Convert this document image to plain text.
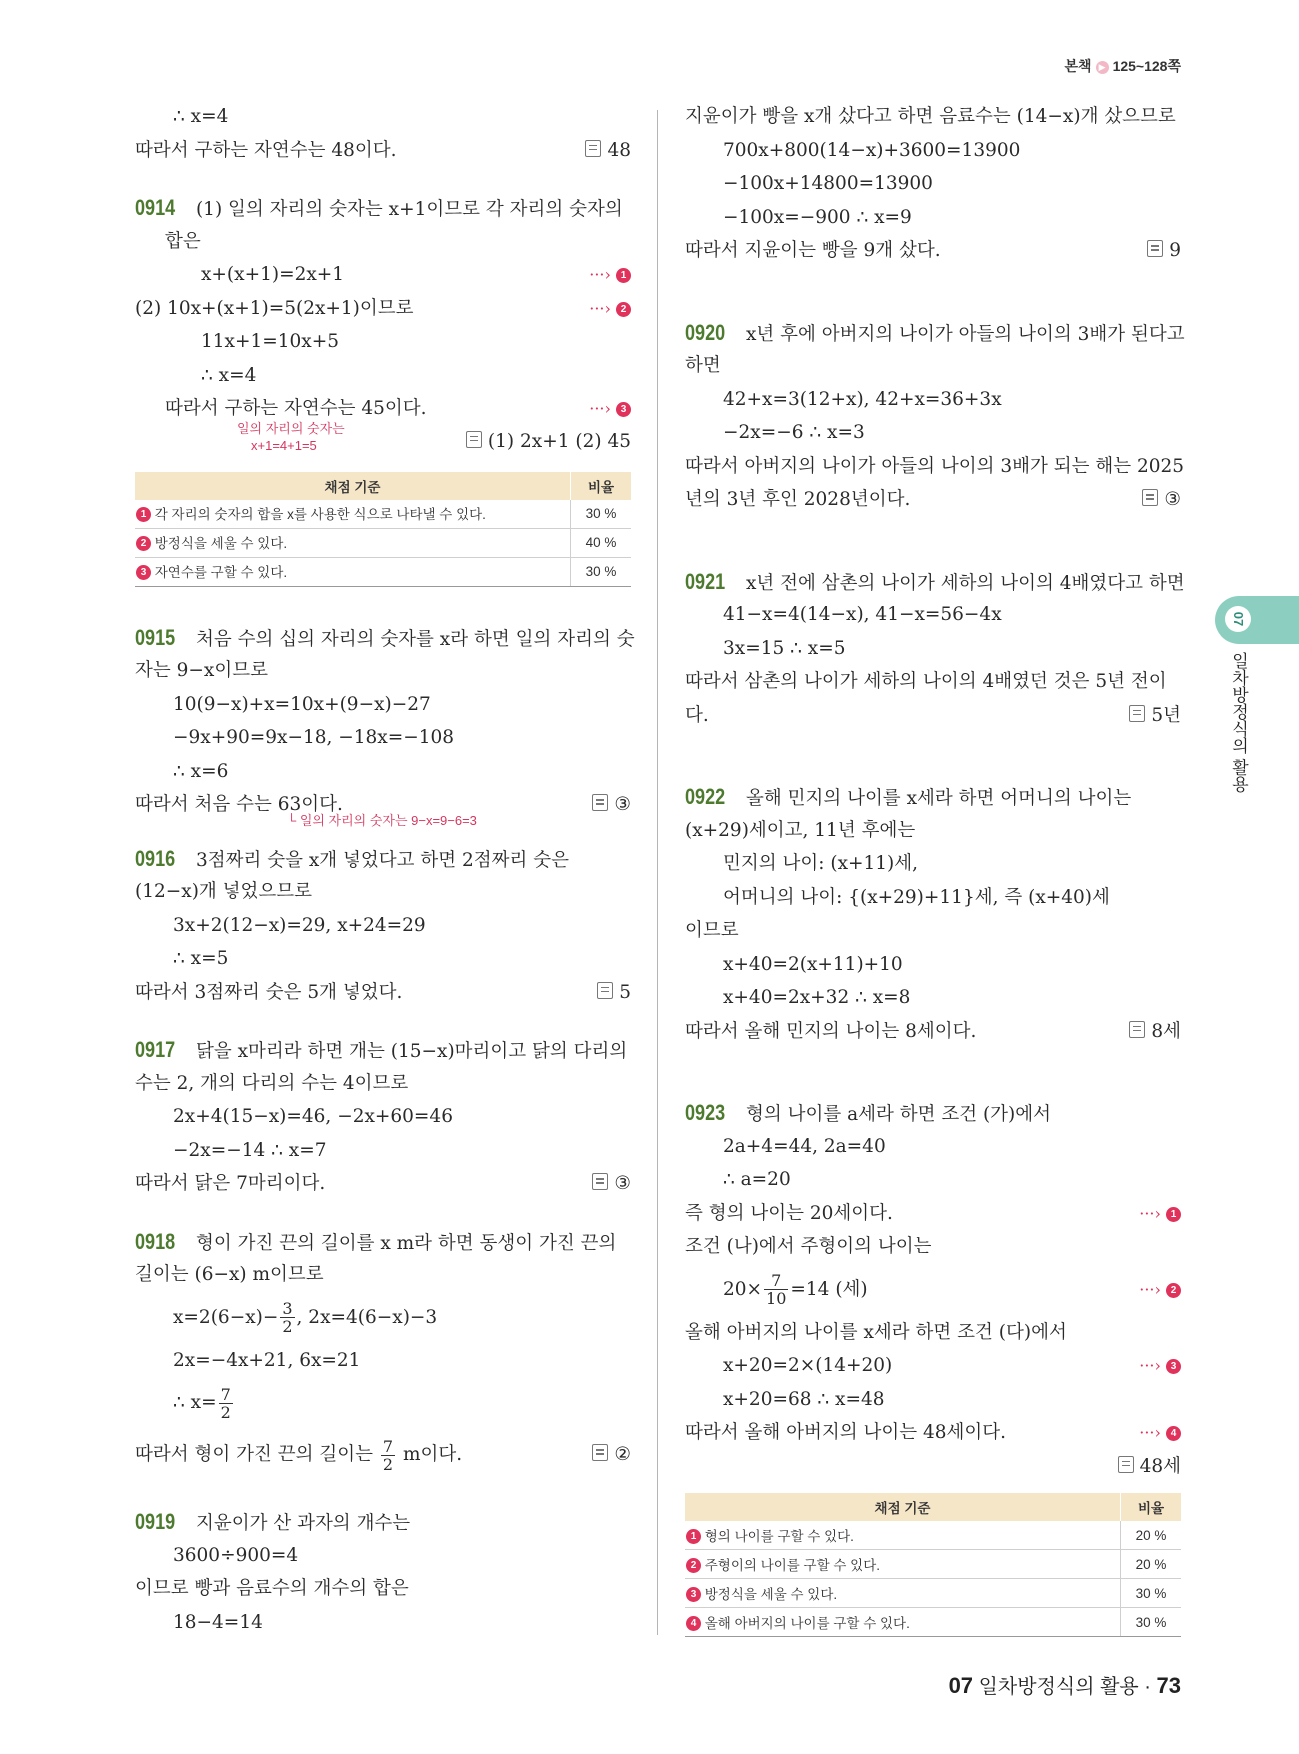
본책 ▶ 125~128쪽
∴ x=4
따라서 구하는 자연수는 48이다.	48
0914 (1) 일의 자리의 숫자는 x+1이므로 각 자리의 숫자의
합은
x+(x+1)=2x+1	···› 1
(2) 10x+(x+1)=5(2x+1)이므로	···› 2
11x+1=10x+5
∴ x=4
따라서 구하는 자연수는 45이다.	···› 3
일의 자리의 숫자는
x+1=4+1=5	(1) 2x+1 (2) 45
채점 기준	비율
1 각 자리의 숫자의 합을 x를 사용한 식으로 나타낼 수 있다.	30 %
2 방정식을 세울 수 있다.	40 %
3 자연수를 구할 수 있다.	30 %
0915 처음 수의 십의 자리의 숫자를 x라 하면 일의 자리의 숫
자는 9−x이므로
10(9−x)+x=10x+(9−x)−27
−9x+90=9x−18, −18x=−108
∴ x=6
따라서 처음 수는 63이다.	③
└ 일의 자리의 숫자는 9−x=9−6=3
0916 3점짜리 숫을 x개 넣었다고 하면 2점짜리 숫은
(12−x)개 넣었으므로
3x+2(12−x)=29, x+24=29
∴ x=5
따라서 3점짜리 숫은 5개 넣었다.	5
0917 닭을 x마리라 하면 개는 (15−x)마리이고 닭의 다리의
수는 2, 개의 다리의 수는 4이므로
2x+4(15−x)=46, −2x+60=46
−2x=−14 ∴ x=7
따라서 닭은 7마리이다.	③
0918 형이 가진 끈의 길이를 x m라 하면 동생이 가진 끈의
길이는 (6−x) m이므로
$x=2(6-x)- \frac{3}{2}$ , 2x=4(6−x)−3
2x=−4x+21, 6x=21
∴ $x= \frac{7}{2}$
따라서 형이 가진 끈의 길이는 $\frac{7}{2}$ m이다.	②
0919 지윤이가 산 과자의 개수는
3600÷900=4
이므로 빵과 음료수의 개수의 합은
18−4=14
지윤이가 빵을 x개 샀다고 하면 음료수는 (14−x)개 샀으므로
700x+800(14−x)+3600=13900
−100x+14800=13900
−100x=−900 ∴ x=9
따라서 지윤이는 빵을 9개 샀다.	9
0920 x년 후에 아버지의 나이가 아들의 나이의 3배가 된다고
하면
42+x=3(12+x), 42+x=36+3x
−2x=−6 ∴ x=3
따라서 아버지의 나이가 아들의 나이의 3배가 되는 해는 2025
년의 3년 후인 2028년이다.	③
0921 x년 전에 삼촌의 나이가 세하의 나이의 4배였다고 하면
41−x=4(14−x), 41−x=56−4x
3x=15 ∴ x=5
따라서 삼촌의 나이가 세하의 나이의 4배였던 것은 5년 전이
다.	5년
0922 올해 민지의 나이를 x세라 하면 어머니의 나이는
(x+29)세이고, 11년 후에는
민지의 나이: (x+11)세,
어머니의 나이: {(x+29)+11}세, 즉 (x+40)세
이므로
x+40=2(x+11)+10
x+40=2x+32 ∴ x=8
따라서 올해 민지의 나이는 8세이다.	8세
0923 형의 나이를 a세라 하면 조건 (가)에서
2a+4=44, 2a=40
∴ a=20
즉 형의 나이는 20세이다.	···› 1
조건 (나)에서 주형이의 나이는
$20\times \frac{7}{10} =14$ (세)	···› 2
올해 아버지의 나이를 x세라 하면 조건 (다)에서
x+20=2×(14+20)	···› 3
x+20=68 ∴ x=48
따라서 올해 아버지의 나이는 48세이다.	···› 4
48세
채점 기준	비율
1 형의 나이를 구할 수 있다.	20 %
2 주형이의 나이를 구할 수 있다.	20 %
3 방정식을 세울 수 있다.	30 %
4 올해 아버지의 나이를 구할 수 있다.	30 %
07
일차방정식의 활용
07 일차방정식의 활용 · 73
